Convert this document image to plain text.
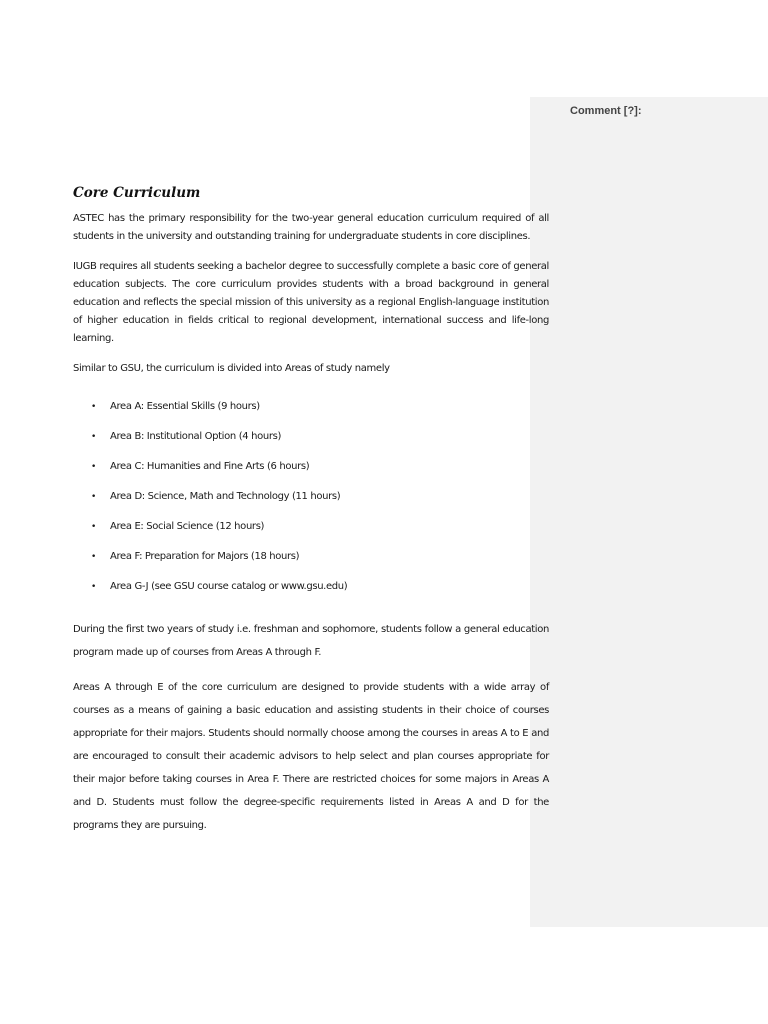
Comment [?]:
Core Curriculum

ASTEC has the primary responsibility for the two-year general education curriculum required of all students in the university and outstanding training for undergraduate students in core disciplines.

IUGB requires all students seeking a bachelor degree to successfully complete a basic core of general education subjects. The core curriculum provides students with a broad background in general education and reflects the special mission of this university as a regional English-language institution of higher education in fields critical to regional development, international success and life-long learning.

Similar to GSU, the curriculum is divided into Areas of study namely

• Area A: Essential Skills (9 hours)
• Area B: Institutional Option (4 hours)
• Area C: Humanities and Fine Arts (6 hours)
• Area D: Science, Math and Technology (11 hours)
• Area E: Social Science (12 hours)
• Area F: Preparation for Majors (18 hours)
• Area G-J (see GSU course catalog or www.gsu.edu)

During the first two years of study i.e. freshman and sophomore, students follow a general education program made up of courses from Areas A through F.

Areas A through E of the core curriculum are designed to provide students with a wide array of courses as a means of gaining a basic education and assisting students in their choice of courses appropriate for their majors. Students should normally choose among the courses in areas A to E and are encouraged to consult their academic advisors to help select and plan courses appropriate for their major before taking courses in Area F. There are restricted choices for some majors in Areas A and D. Students must follow the degree-specific requirements listed in Areas A and D for the programs they are pursuing.
